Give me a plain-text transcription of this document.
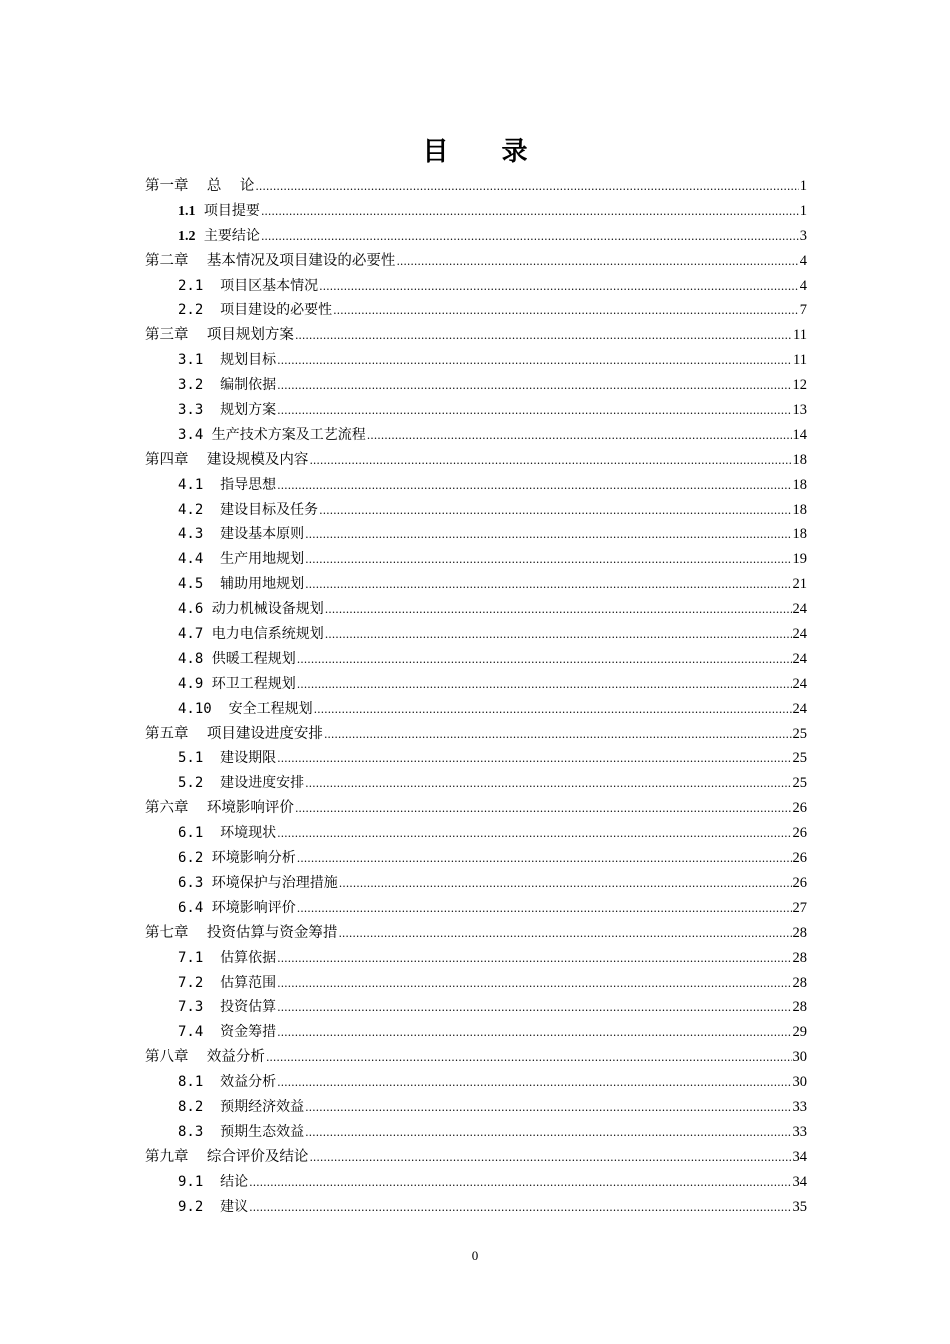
目 录
第一章    总    论 .....	1
1.1 项目提要 .....	1
1.2 主要结论 .....	3
第二章    基本情况及项目建设的必要性 .....	4
2.1  项目区基本情况 .....	4
2.2  项目建设的必要性 .....	7
第三章    项目规划方案 .....	11
3.1  规划目标 .....	11
3.2  编制依据 .....	12
3.3  规划方案 .....	13
3.4 生产技术方案及工艺流程 .....	14
第四章    建设规模及内容 .....	18
4.1  指导思想 .....	18
4.2  建设目标及任务 .....	18
4.3  建设基本原则 .....	18
4.4  生产用地规划 .....	19
4.5  辅助用地规划 .....	21
4.6 动力机械设备规划 .....	24
4.7 电力电信系统规划 .....	24
4.8 供暖工程规划 .....	24
4.9 环卫工程规划 .....	24
4.10  安全工程规划 .....	24
第五章    项目建设进度安排 .....	25
5.1  建设期限 .....	25
5.2  建设进度安排 .....	25
第六章    环境影响评价 .....	26
6.1  环境现状 .....	26
6.2 环境影响分析 .....	26
6.3 环境保护与治理措施 .....	26
6.4 环境影响评价 .....	27
第七章    投资估算与资金筹措 .....	28
7.1  估算依据 .....	28
7.2  估算范围 .....	28
7.3  投资估算 .....	28
7.4  资金筹措 .....	29
第八章    效益分析 .....	30
8.1  效益分析 .....	30
8.2  预期经济效益 .....	33
8.3  预期生态效益 .....	33
第九章    综合评价及结论 .....	34
9.1  结论 .....	34
9.2  建议 .....	35
0
